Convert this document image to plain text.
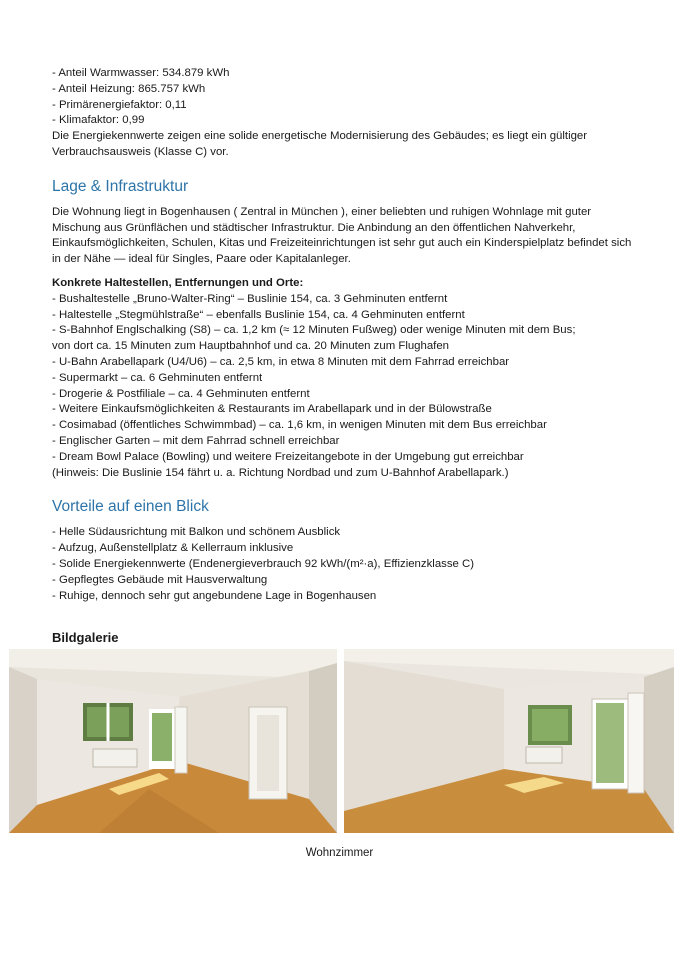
- Anteil Warmwasser: 534.879 kWh
- Anteil Heizung: 865.757 kWh
- Primärenergiefaktor: 0,11
- Klimafaktor: 0,99
Die Energiekennwerte zeigen eine solide energetische Modernisierung des Gebäudes; es liegt ein gültiger Verbrauchsausweis (Klasse C) vor.
Lage & Infrastruktur
Die Wohnung liegt in Bogenhausen ( Zentral in München ), einer beliebten und ruhigen Wohnlage mit guter Mischung aus Grünflächen und städtischer Infrastruktur. Die Anbindung an den öffentlichen Nahverkehr, Einkaufsmöglichkeiten, Schulen, Kitas und Freizeiteinrichtungen ist sehr gut auch ein Kinderspielplatz befindet sich in der Nähe — ideal für Singles, Paare oder Kapitalanleger.
Konkrete Haltestellen, Entfernungen und Orte:
- Bushaltestelle „Bruno-Walter-Ring“ – Buslinie 154, ca. 3 Gehminuten entfernt
- Haltestelle „Stegmühlstraße“ – ebenfalls Buslinie 154, ca. 4 Gehminuten entfernt
- S-Bahnhof Englschalking (S8) – ca. 1,2 km (≈ 12 Minuten Fußweg) oder wenige Minuten mit dem Bus;
von dort ca. 15 Minuten zum Hauptbahnhof und ca. 20 Minuten zum Flughafen
- U-Bahn Arabellapark (U4/U6) – ca. 2,5 km, in etwa 8 Minuten mit dem Fahrrad erreichbar
- Supermarkt – ca. 6 Gehminuten entfernt
- Drogerie & Postfiliale – ca. 4 Gehminuten entfernt
- Weitere Einkaufsmöglichkeiten & Restaurants im Arabellapark und in der Bülowstraße
- Cosimabad (öffentliches Schwimmbad) – ca. 1,6 km, in wenigen Minuten mit dem Bus erreichbar
- Englischer Garten – mit dem Fahrrad schnell erreichbar
- Dream Bowl Palace (Bowling) und weitere Freizeitangebote in der Umgebung gut erreichbar
(Hinweis: Die Buslinie 154 fährt u. a. Richtung Nordbad und zum U-Bahnhof Arabellapark.)
Vorteile auf einen Blick
- Helle Südausrichtung mit Balkon und schönem Ausblick
- Aufzug, Außenstellplatz & Kellerraum inklusive
- Solide Energiekennwerte (Endenergieverbrauch 92 kWh/(m²·a), Effizienzklasse C)
- Gepflegtes Gebäude mit Hausverwaltung
- Ruhige, dennoch sehr gut angebundene Lage in Bogenhausen
Bildgalerie
Wohnzimmer
